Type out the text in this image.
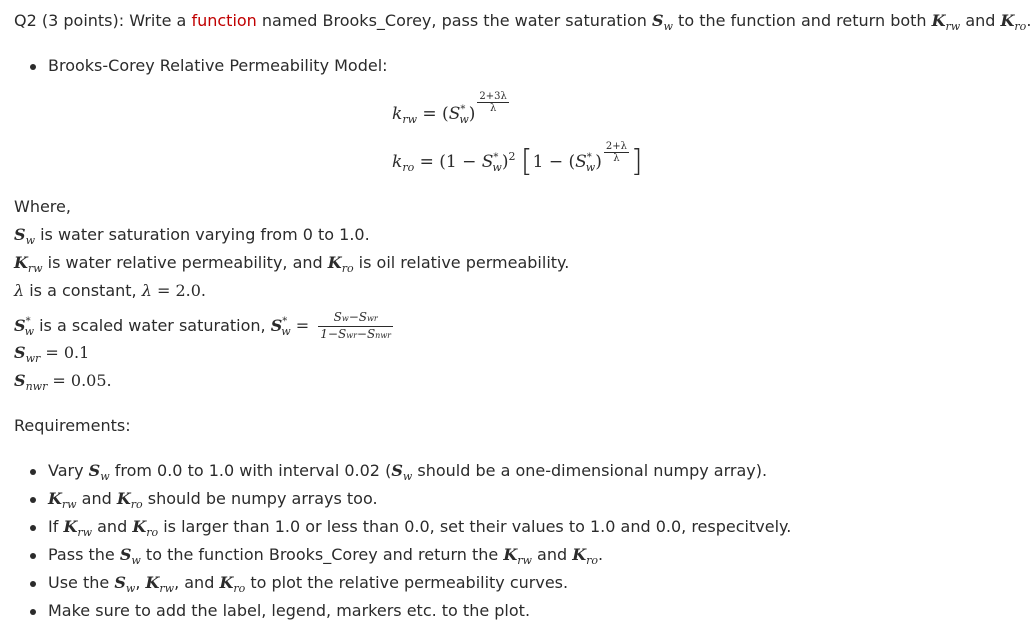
Q2 (3 points): Write a function named Brooks_Corey, pass the water saturation $S_w$ to the function and return both $K_{rw}$ and $K_{ro}$.
Brooks-Corey Relative Permeability Model:
$k_{rw} = (S^*_w) \frac{2+3\lambda}{\lambda}$
$k_{ro} = (1 - S^*_w)^2$ [$1 - (S^*_w) \frac{2+\lambda}{\lambda}$ ]
Where,
$S_w$ is water saturation varying from 0 to 1.0.
$K_{rw}$ is water relative permeability, and $K_{ro}$ is oil relative permeability.
λ is a constant, λ = 2.0.
$S^*_w$ is a scaled water saturation, $S^*_w = \frac{\text{Sw−Swr}}{\text{1−Swr−Snwr}}$
$S_{wr} = 0.1$
$S_{nwr} = 0.05$.
Requirements:
Vary $S_w$ from 0.0 to 1.0 with interval 0.02 ($S_w$ should be a one-dimensional numpy array).
$K_{rw}$ and $K_{ro}$ should be numpy arrays too.
If $K_{rw}$ and $K_{ro}$ is larger than 1.0 or less than 0.0, set their values to 1.0 and 0.0, respecitvely.
Pass the $S_w$ to the function Brooks_Corey and return the $K_{rw}$ and $K_{ro}$.
Use the $S_w$, $K_{rw}$, and $K_{ro}$ to plot the relative permeability curves.
Make sure to add the label, legend, markers etc. to the plot.
